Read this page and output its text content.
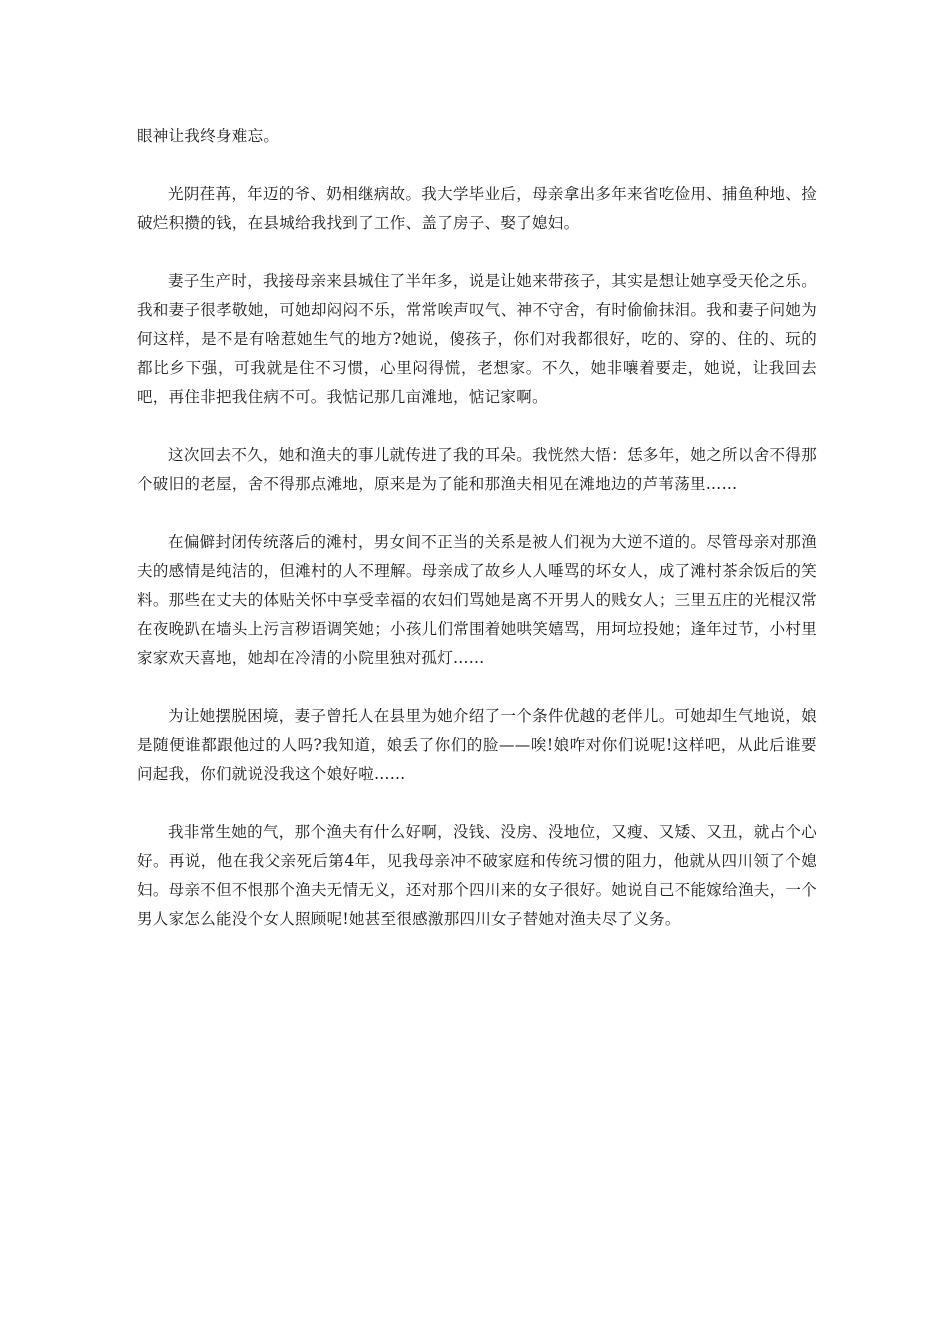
眼神让我终身难忘。

光阴荏苒，年迈的爷、奶相继病故。我大学毕业后，母亲拿出多年来省吃俭用、捕鱼种地、捡破烂积攒的钱，在县城给我找到了工作、盖了房子、娶了媳妇。

妻子生产时，我接母亲来县城住了半年多，说是让她来带孩子，其实是想让她享受天伦之乐。我和妻子很孝敬她，可她却闷闷不乐，常常唉声叹气、神不守舍，有时偷偷抹泪。我和妻子问她为何这样，是不是有啥惹她生气的地方?她说，傻孩子，你们对我都很好，吃的、穿的、住的、玩的都比乡下强，可我就是住不习惯，心里闷得慌，老想家。不久，她非嚷着要走，她说，让我回去吧，再住非把我住病不可。我惦记那几亩滩地，惦记家啊。

这次回去不久，她和渔夫的事儿就传进了我的耳朵。我恍然大悟：恁多年，她之所以舍不得那个破旧的老屋，舍不得那点滩地，原来是为了能和那渔夫相见在滩地边的芦苇荡里……

在偏僻封闭传统落后的滩村，男女间不正当的关系是被人们视为大逆不道的。尽管母亲对那渔夫的感情是纯洁的，但滩村的人不理解。母亲成了故乡人人唾骂的坏女人，成了滩村茶余饭后的笑料。那些在丈夫的体贴关怀中享受幸福的农妇们骂她是离不开男人的贱女人；三里五庄的光棍汉常在夜晚趴在墙头上污言秽语调笑她；小孩儿们常围着她哄笑嬉骂，用坷垃投她；逢年过节，小村里家家欢天喜地，她却在冷清的小院里独对孤灯……

为让她摆脱困境，妻子曾托人在县里为她介绍了一个条件优越的老伴儿。可她却生气地说，娘是随便谁都跟他过的人吗?我知道，娘丢了你们的脸——唉!娘咋对你们说呢!这样吧，从此后谁要问起我，你们就说没我这个娘好啦……

我非常生她的气，那个渔夫有什么好啊，没钱、没房、没地位，又瘦、又矮、又丑，就占个心好。再说，他在我父亲死后第4年，见我母亲冲不破家庭和传统习惯的阻力，他就从四川领了个媳妇。母亲不但不恨那个渔夫无情无义，还对那个四川来的女子很好。她说自己不能嫁给渔夫，一个男人家怎么能没个女人照顾呢!她甚至很感激那四川女子替她对渔夫尽了义务。
